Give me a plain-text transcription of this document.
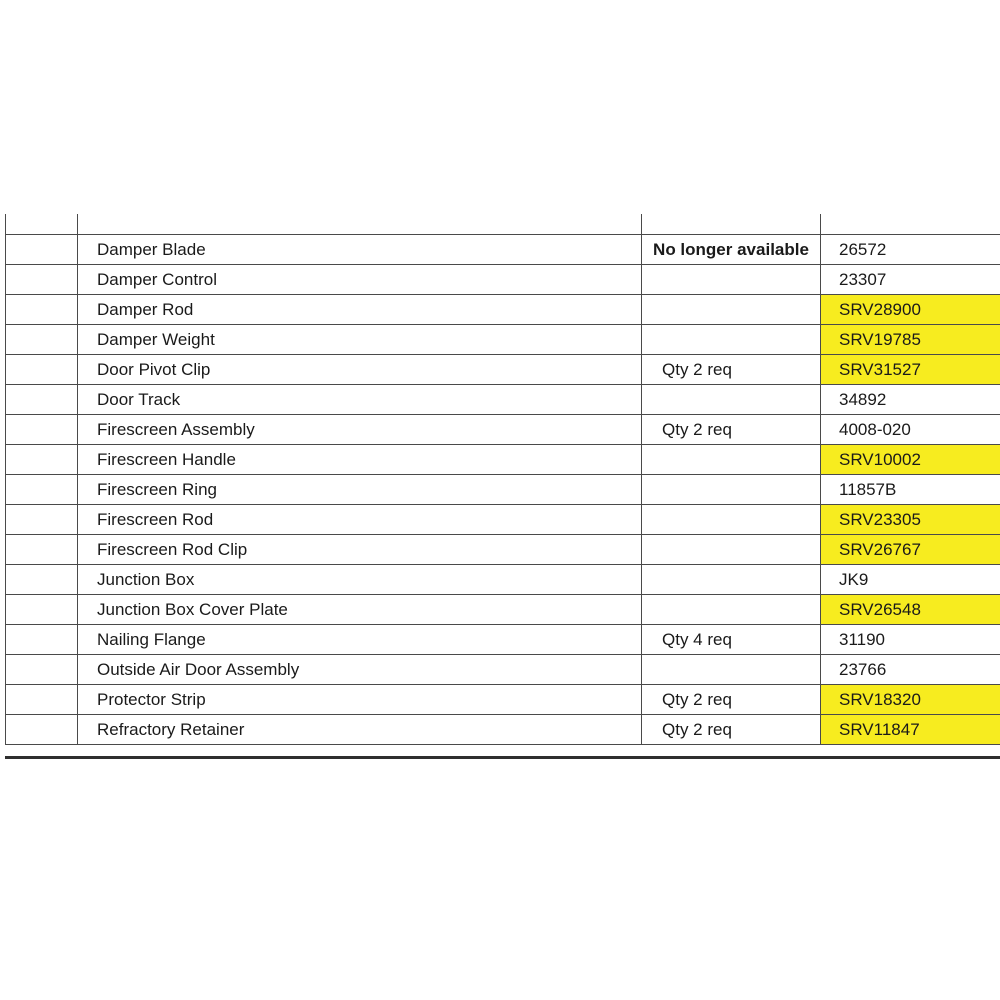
	Damper Blade	No longer available	26572
	Damper Control		23307
	Damper Rod		SRV28900
	Damper Weight		SRV19785
	Door Pivot Clip	Qty 2 req	SRV31527
	Door Track		34892
	Firescreen Assembly	Qty 2 req	4008-020
	Firescreen Handle		SRV10002
	Firescreen Ring		11857B
	Firescreen Rod		SRV23305
	Firescreen Rod Clip		SRV26767
	Junction Box		JK9
	Junction Box Cover Plate		SRV26548
	Nailing Flange	Qty 4 req	31190
	Outside Air Door Assembly		23766
	Protector Strip	Qty 2 req	SRV18320
	Refractory Retainer	Qty 2 req	SRV11847
